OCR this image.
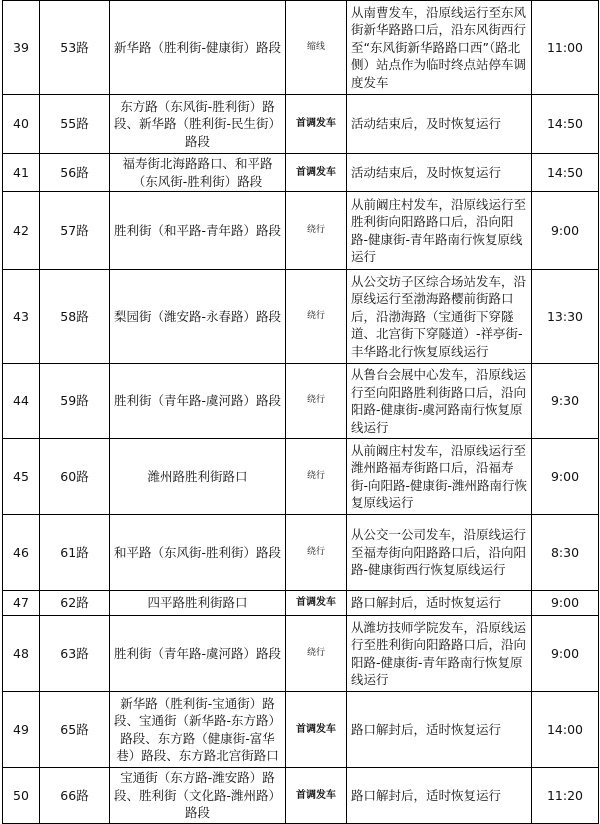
39	53路	新华路（胜利街-健康街）路段	缩线	从南曹发车，沿原线运行至东风街新华路路口后，沿东风街西行至“东风街新华路路口西”（路北侧）站点作为临时终点站停车调度发车	11:00
40	55路	东方路（东风街-胜利街）路段、新华路（胜利街-民生街）路段	首调发车	活动结束后，及时恢复运行	14:50
41	56路	福寿街北海路路口、和平路（东风街-胜利街）路段	首调发车	活动结束后，及时恢复运行	14:50
42	57路	胜利街（和平路-青年路）路段	绕行	从前阚庄村发车，沿原线运行至胜利街向阳路路口后，沿向阳路-健康街-青年路南行恢复原线运行	9:00
43	58路	梨园街（潍安路-永春路）路段	绕行	从公交坊子区综合场站发车，沿原线运行至渤海路樱前街路口后，沿渤海路（宝通街下穿隧道、北宫街下穿隧道）-祥亭街-丰华路北行恢复原线运行	13:30
44	59路	胜利街（青年路-虞河路）路段	绕行	从鲁台会展中心发车，沿原线运行至向阳路胜利街路口后，沿向阳路-健康街-虞河路南行恢复原线运行	9:30
45	60路	潍州路胜利街路口	绕行	从前阚庄村发车，沿原线运行至潍州路福寿街路口后，沿福寿街-向阳路-健康街-潍州路南行恢复原线运行	9:00
46	61路	和平路（东风街-胜利街）路段	绕行	从公交一公司发车，沿原线运行至福寿街向阳路路口后，沿向阳路-健康街西行恢复原线运行	8:30
47	62路	四平路胜利街路口	首调发车	路口解封后，适时恢复运行	9:00
48	63路	胜利街（青年路-虞河路）路段	绕行	从潍坊技师学院发车，沿原线运行至胜利街向阳路路口后，沿向阳路-健康街-青年路南行恢复原线运行	9:00
49	65路	新华路（胜利街-宝通街）路段、宝通街（新华路-东方路）路段、东方路（健康街-富华巷）路段、东方路北宫街路口	首调发车	路口解封后，适时恢复运行	14:00
50	66路	宝通街（东方路-潍安路）路段、胜利街（文化路-潍州路）路段	首调发车	路口解封后，适时恢复运行	11:20
